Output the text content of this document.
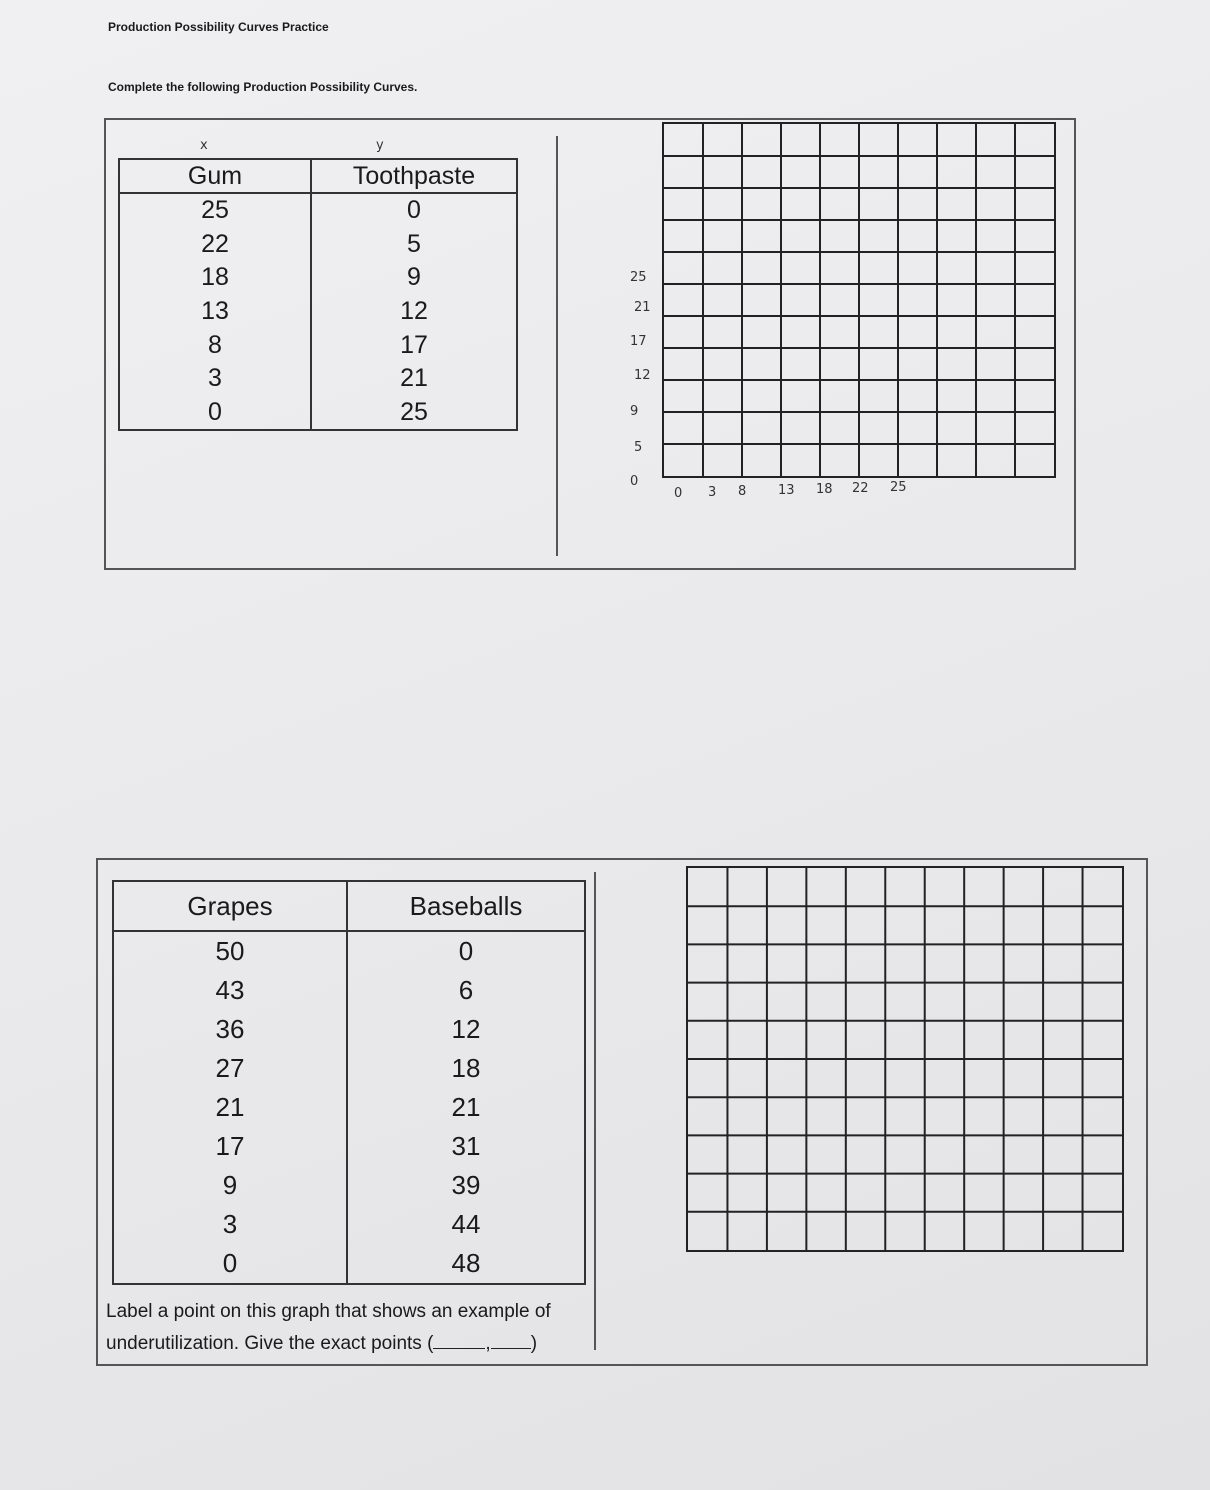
Production Possibility Curves Practice
Complete the following Production Possibility Curves.
x	y
Gum	Toothpaste
25	0
22	5
18	9
13	12
8	17
3	21
0	25
25
21
17
12
9
5
0
0 3 8 13 18 22 25
Grapes	Baseballs
50	0
43	6
36	12
27	18
21	21
17	31
9	39
3	44
0	48
Label a point on this graph that shows an example of
underutilization. Give the exact points (	, )
